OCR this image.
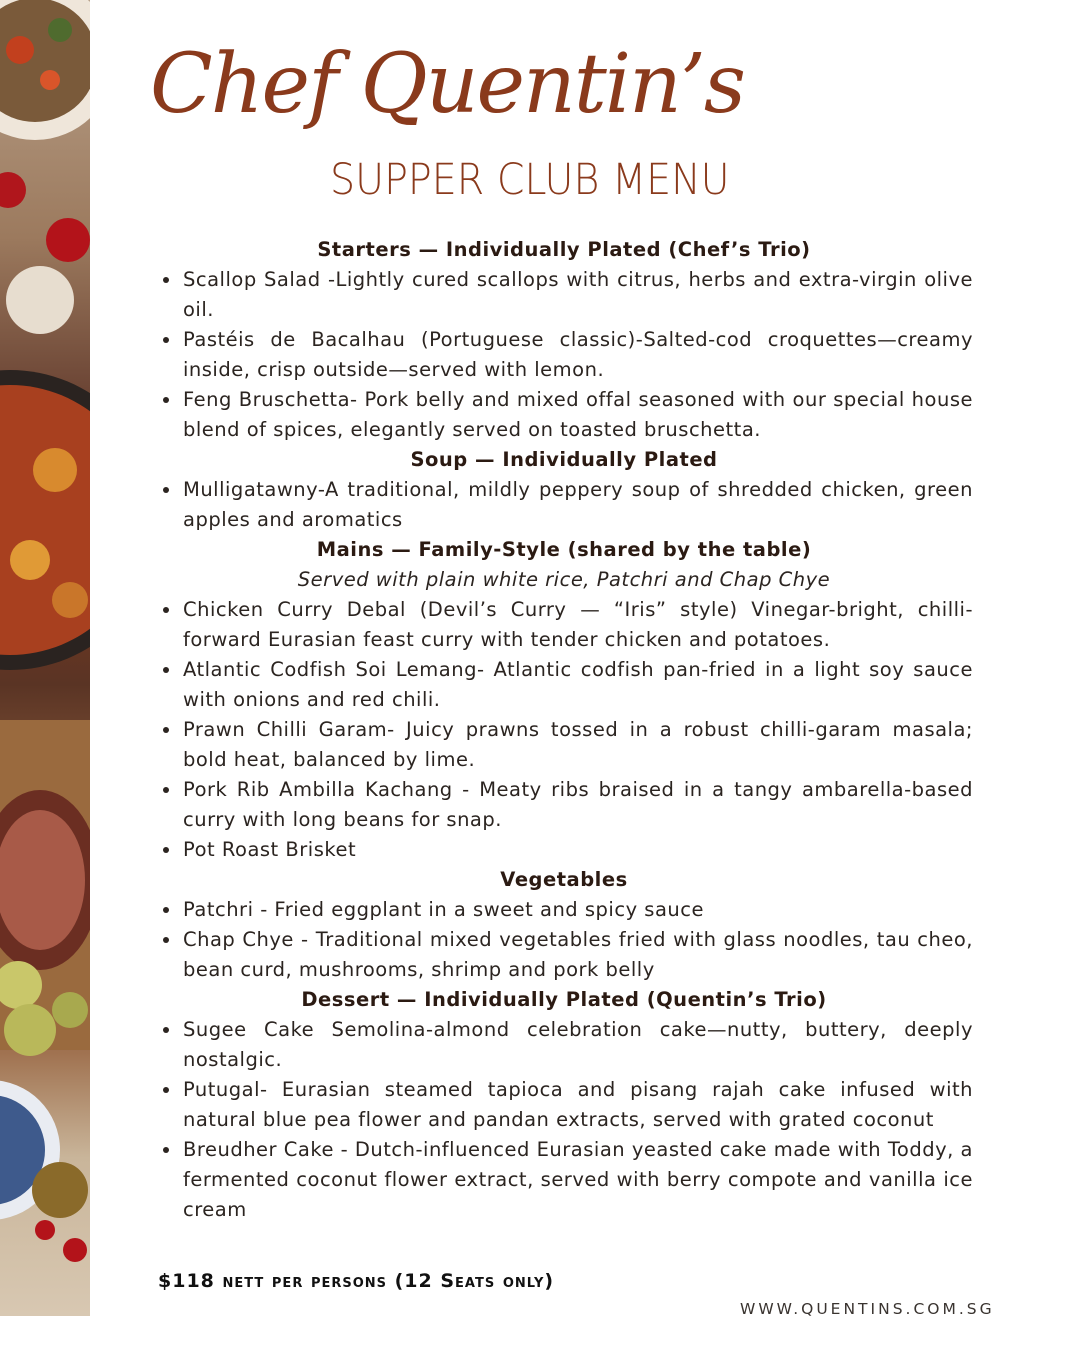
Chef Quentin’s
SUPPER CLUB MENU

Starters — Individually Plated (Chef’s Trio)

Scallop Salad -Lightly cured scallops with citrus, herbs and extra-virgin olive oil.
Pastéis de Bacalhau (Portuguese classic)-Salted-cod croquettes—creamy inside, crisp outside—served with lemon.
Feng Bruschetta- Pork belly and mixed offal seasoned with our special house blend of spices, elegantly served on toasted bruschetta.

Soup — Individually Plated

Mulligatawny-A traditional, mildly peppery soup of shredded chicken, green apples and aromatics

Mains — Family-Style (shared by the table)

Served with plain white rice, Patchri and Chap Chye

Chicken Curry Debal (Devil’s Curry — “Iris” style) Vinegar-bright, chilli-forward Eurasian feast curry with tender chicken and potatoes.
Atlantic Codfish Soi Lemang- Atlantic codfish pan-fried in a light soy sauce with onions and red chili.
Prawn Chilli Garam- Juicy prawns tossed in a robust chilli-garam masala; bold heat, balanced by lime.
Pork Rib Ambilla Kachang - Meaty ribs braised in a tangy ambarella-based curry with long beans for snap.
Pot Roast Brisket

Vegetables

Patchri - Fried eggplant in a sweet and spicy sauce
Chap Chye - Traditional mixed vegetables fried with glass noodles, tau cheo, bean curd, mushrooms, shrimp and pork belly

Dessert — Individually Plated (Quentin’s Trio)

Sugee Cake Semolina-almond celebration cake—nutty, buttery, deeply nostalgic.
Putugal- Eurasian steamed tapioca and pisang rajah cake infused with natural blue pea flower and pandan extracts, served with grated coconut
Breudher Cake - Dutch-influenced Eurasian yeasted cake made with Toddy, a fermented coconut flower extract, served with berry compote and vanilla ice cream
$118 nett per persons (12 Seats only)
WWW.QUENTINS.COM.SG
